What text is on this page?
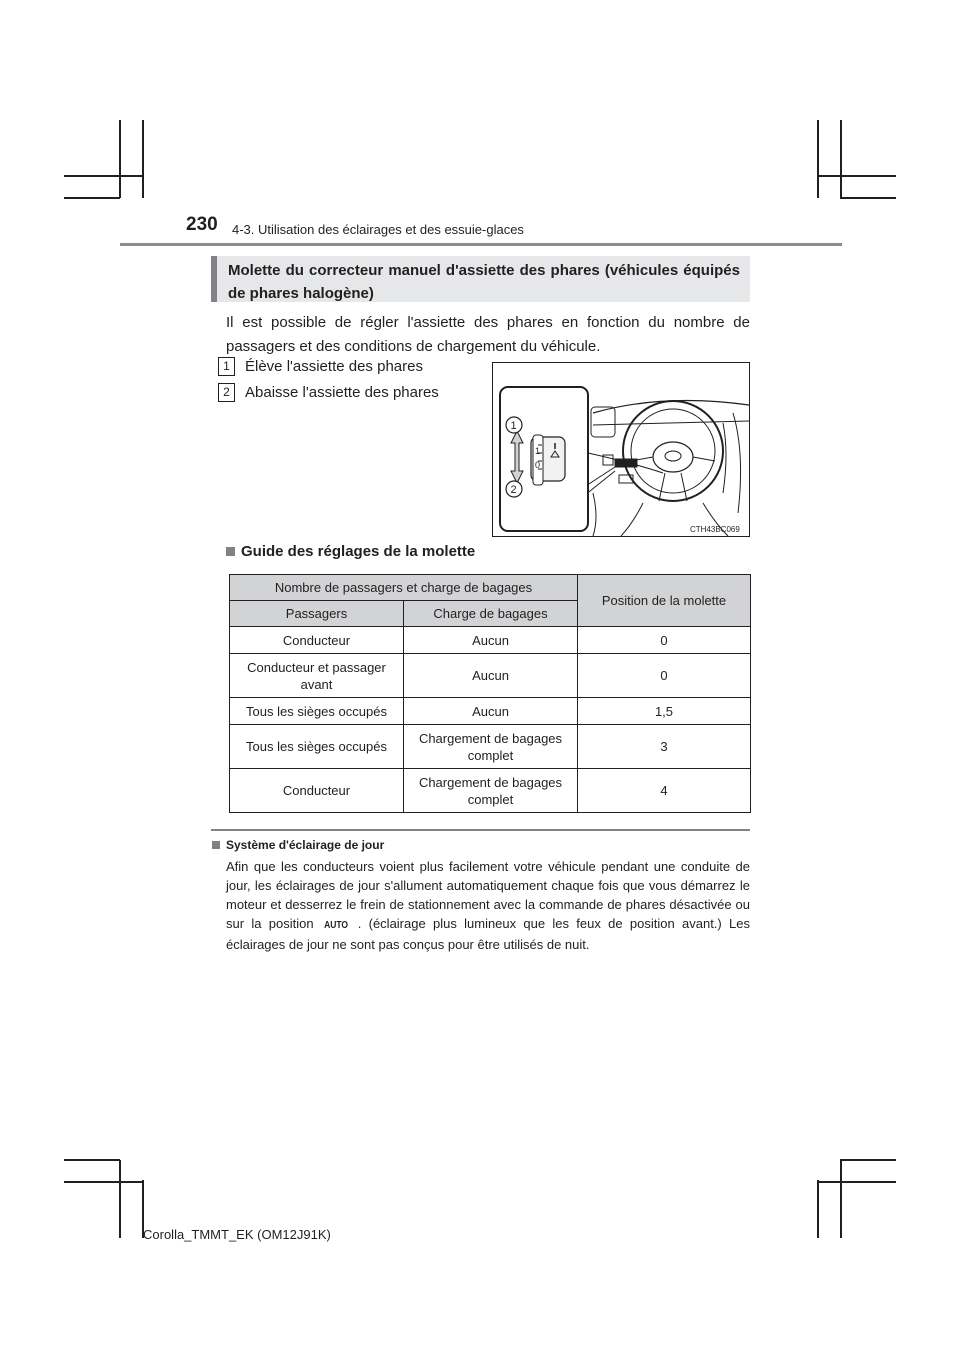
230 4-3. Utilisation des éclairages et des essuie-glaces
Molette du correcteur manuel d'assiette des phares (véhicules équipés de phares halogène)
Il est possible de régler l'assiette des phares en fonction du nombre de passagers et des conditions de chargement du véhicule.
1	Élève l'assiette des phares
2	Abaisse l'assiette des phares
1
0
1
2
CTH43BC069
Guide des réglages de la molette
Nombre de passagers et charge de bagages		Position de la molette
Passagers	Charge de bagages	
Conducteur	Aucun	0
Conducteur et passager avant	Aucun	0
Tous les sièges occupés	Aucun	1,5
Tous les sièges occupés	Chargement de bagages complet	3
Conducteur	Chargement de bagages complet	4
Système d'éclairage de jour
Afin que les conducteurs voient plus facilement votre véhicule pendant une conduite de jour, les éclairages de jour s'allument automatiquement chaque fois que vous démarrez le moteur et desserrez le frein de stationnement avec la commande de phares désactivée ou sur la position AUTO . (éclairage plus lumineux que les feux de position avant.) Les éclairages de jour ne sont pas conçus pour être utilisés de nuit.
Corolla_TMMT_EK (OM12J91K)
